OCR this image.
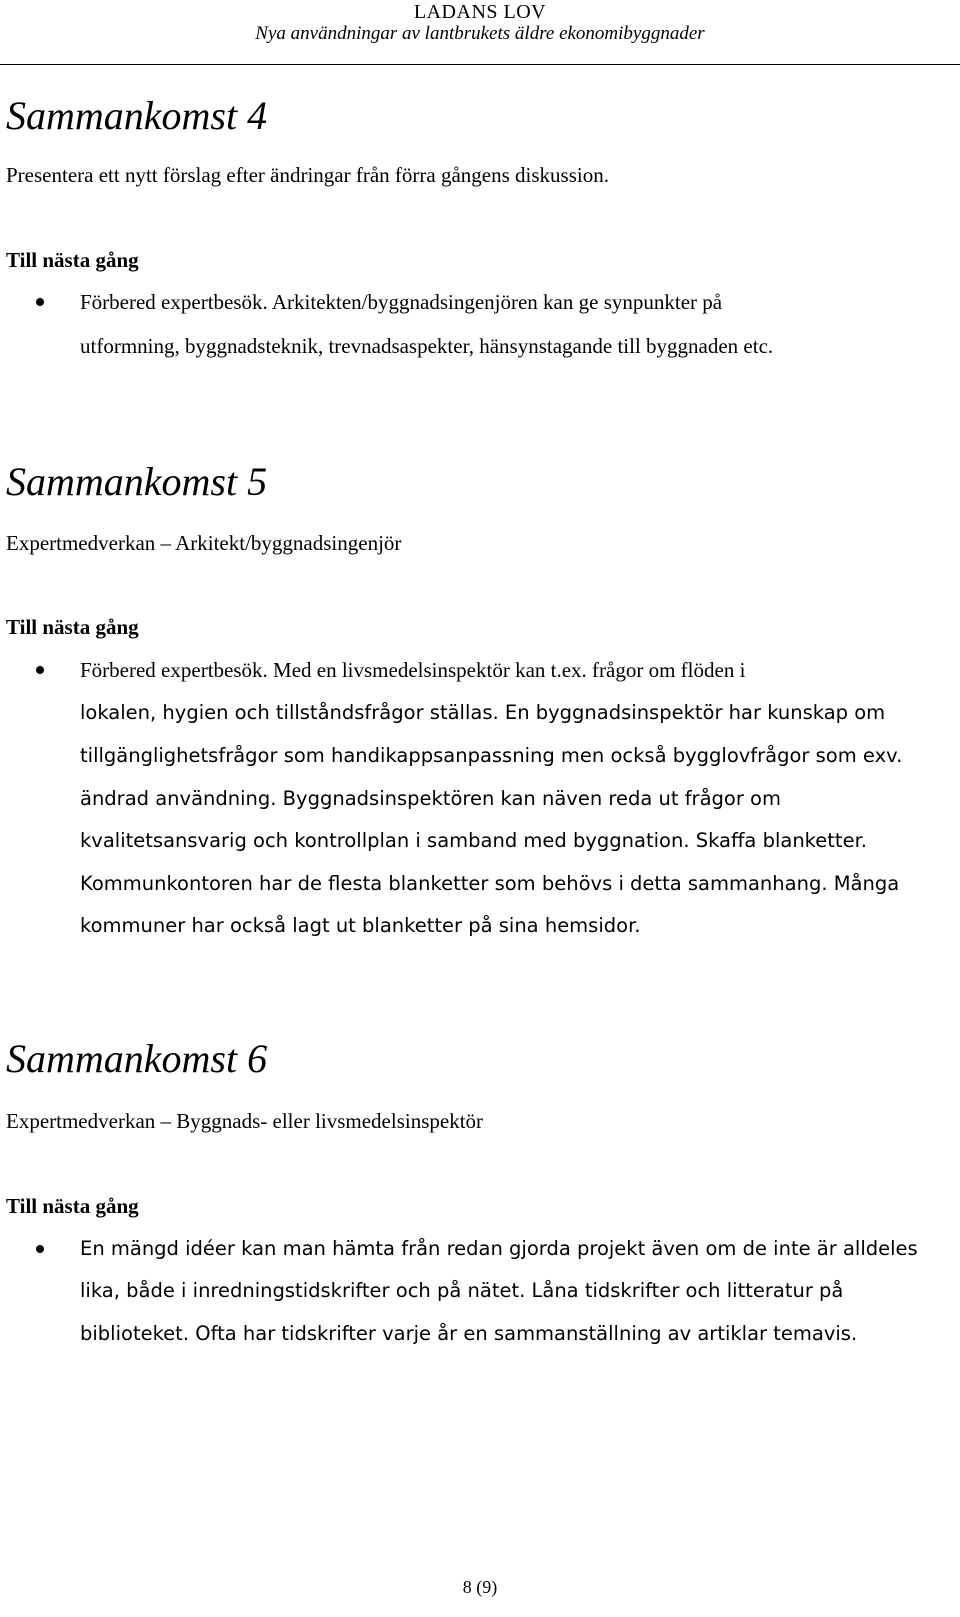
LADANS LOV
Nya användningar av lantbrukets äldre ekonomibyggnader
Sammankomst 4

Presentera ett nytt förslag efter ändringar från förra gångens diskussion.

Till nästa gång

Förbered expertbesök. Arkitekten/byggnadsingenjören kan ge synpunkter på

utformning, byggnadsteknik, trevnadsaspekter, hänsynstagande till byggnaden etc.

Sammankomst 5

Expertmedverkan – Arkitekt/byggnadsingenjör

Till nästa gång

Förbered expertbesök. Med en livsmedelsinspektör kan t.ex. frågor om flöden i

lokalen, hygien och tillståndsfrågor ställas. En byggnadsinspektör har kunskap om

tillgänglighetsfrågor som handikappsanpassning men också bygglovfrågor som exv.

ändrad användning. Byggnadsinspektören kan näven reda ut frågor om

kvalitetsansvarig och kontrollplan i samband med byggnation. Skaffa blanketter.

Kommunkontoren har de flesta blanketter som behövs i detta sammanhang. Många

kommuner har också lagt ut blanketter på sina hemsidor.

Sammankomst 6

Expertmedverkan – Byggnads- eller livsmedelsinspektör

Till nästa gång

En mängd idéer kan man hämta från redan gjorda projekt även om de inte är alldeles

lika, både i inredningstidskrifter och på nätet. Låna tidskrifter och litteratur på

biblioteket. Ofta har tidskrifter varje år en sammanställning av artiklar temavis.

8 (9)
